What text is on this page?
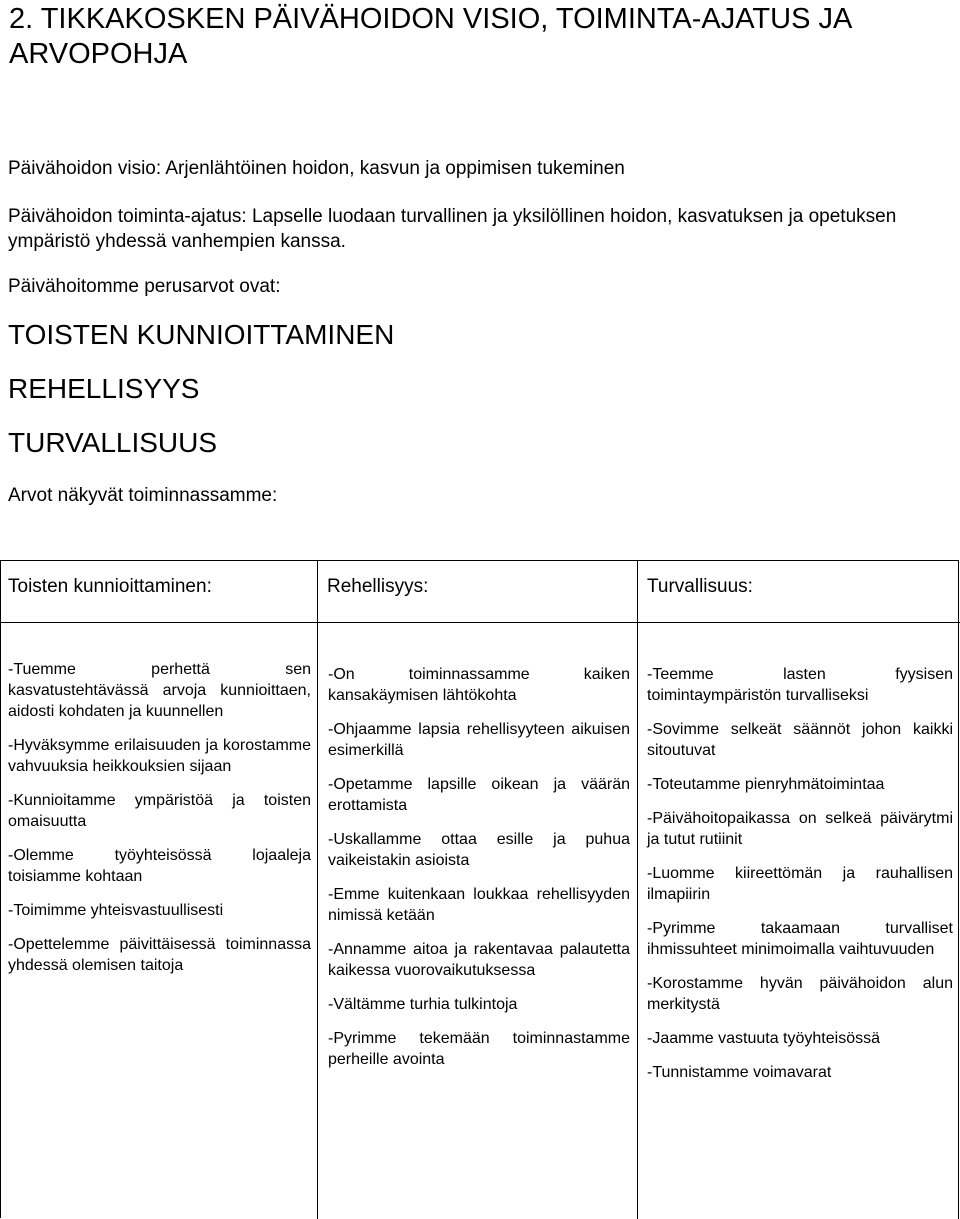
2. TIKKAKOSKEN PÄIVÄHOIDON VISIO, TOIMINTA-AJATUS JA ARVOPOHJA

Päivähoidon visio: Arjenlähtöinen hoidon, kasvun ja oppimisen tukeminen

Päivähoidon toiminta-ajatus: Lapselle luodaan turvallinen ja yksilöllinen hoidon, kasvatuksen ja opetuksen ympäristö yhdessä vanhempien kanssa.

Päivähoitomme perusarvot ovat:

TOISTEN KUNNIOITTAMINEN

REHELLISYYS

TURVALLISUUS

Arvot näkyvät toiminnassamme:

Toisten kunnioittaminen:	Rehellisyys:	Turvallisuus:

-Tuemme perhettä sen kasvatustehtävässä arvoja kunnioittaen, aidosti kohdaten ja kuunnellen

-Hyväksymme erilaisuuden ja korostamme vahvuuksia heikkouksien sijaan

-Kunnioitamme ympäristöä ja toisten omaisuutta

-Olemme työyhteisössä lojaaleja toisiamme kohtaan

-Toimimme yhteisvastuullisesti

-Opettelemme päivittäisessä toiminnassa yhdessä olemisen taitoja

-On toiminnassamme kaiken kansakäymisen lähtökohta

-Ohjaamme lapsia rehellisyyteen aikuisen esimerkillä

-Opetamme lapsille oikean ja väärän erottamista

-Uskallamme ottaa esille ja puhua vaikeistakin asioista

-Emme kuitenkaan loukkaa rehellisyyden nimissä ketään

-Annamme aitoa ja rakentavaa palautetta kaikessa vuorovaikutuksessa

-Vältämme turhia tulkintoja

-Pyrimme tekemään toiminnastamme perheille avointa

-Teemme lasten fyysisen toimintaympäristön turvalliseksi

-Sovimme selkeät säännöt johon kaikki sitoutuvat

-Toteutamme pienryhmätoimintaa

-Päivähoitopaikassa on selkeä päivärytmi ja tutut rutiinit

-Luomme kiireettömän ja rauhallisen ilmapiirin

-Pyrimme takaamaan turvalliset ihmissuhteet minimoimalla vaihtuvuuden

-Korostamme hyvän päivähoidon alun merkitystä

-Jaamme vastuuta työyhteisössä

-Tunnistamme voimavarat
